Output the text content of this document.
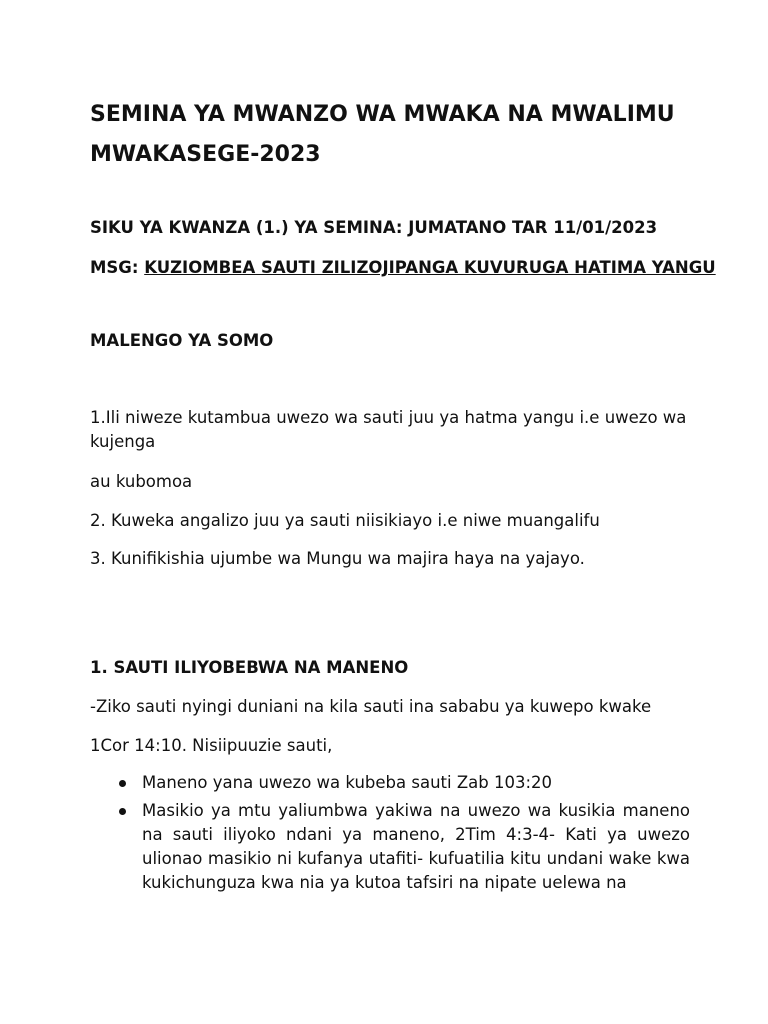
SEMINA YA MWANZO WA MWAKA NA MWALIMU MWAKASEGE-2023

SIKU YA KWANZA (1.) YA SEMINA: JUMATANO TAR 11/01/2023

MSG: KUZIOMBEA SAUTI ZILIZOJIPANGA KUVURUGA HATIMA YANGU

MALENGO YA SOMO

1.Ili niweze kutambua uwezo wa sauti juu ya hatma yangu i.e uwezo wa kujenga

au kubomoa

2. Kuweka angalizo juu ya sauti niisikiayo i.e niwe muangalifu

3. Kunifikishia ujumbe wa Mungu wa majira haya na yajayo.

1. SAUTI ILIYOBEBWA NA MANENO

-Ziko sauti nyingi duniani na kila sauti ina sababu ya kuwepo kwake

1Cor 14:10. Nisiipuuzie sauti,

Maneno yana uwezo wa kubeba sauti Zab 103:20
Masikio ya mtu yaliumbwa yakiwa na uwezo wa kusikia maneno na sauti iliyoko ndani ya maneno, 2Tim 4:3-4- Kati ya uwezo ulionao masikio ni kufanya utafiti- kufuatilia kitu undani wake kwa kukichunguza kwa nia ya kutoa tafsiri na nipate uelewa na
